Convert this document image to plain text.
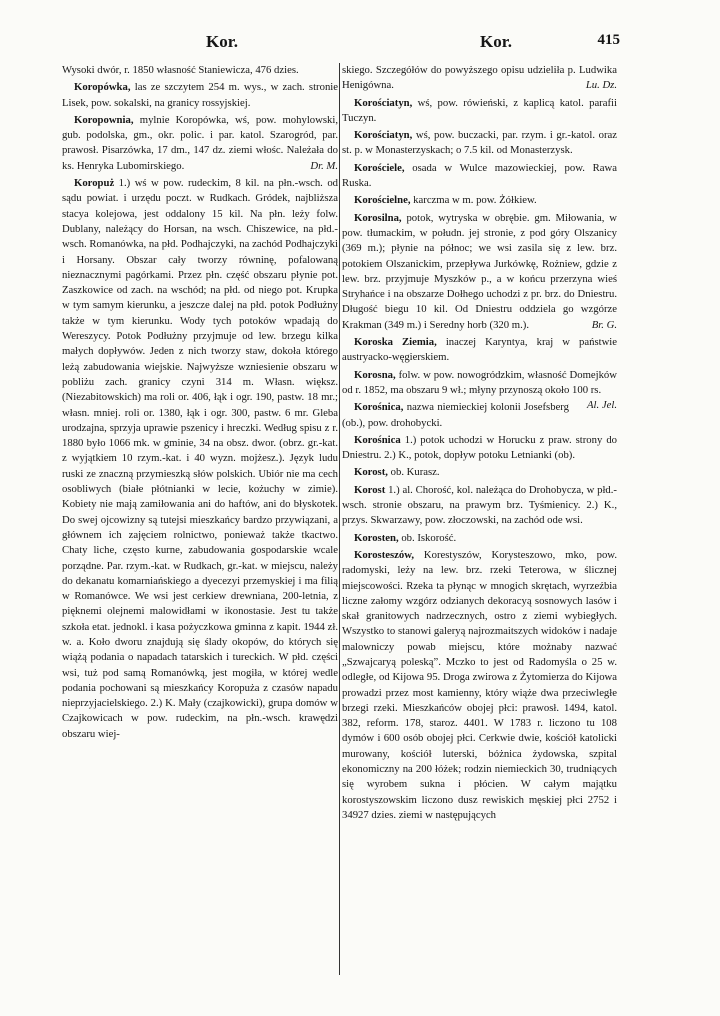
Kor.	Kor.	415

Wysoki dwór, r. 1850 własność Staniewicza, 476 dzies.

Koropówka, las ze szczytem 254 m. wys., w zach. stronie Lisek, pow. sokalski, na granicy rossyjskiej.

Koropownia, mylnie Koropówka, wś, pow. mohylowski, gub. podolska, gm., okr. polic. i par. katol. Szarogród, par. prawosł. Pisarzówka, 17 dm., 147 dz. ziemi włośc. Należała do ks. Henryka Lubomirskiego.	Dr. M.

Koropuż 1.) wś w pow. rudeckim, 8 kil. na płn.-wsch. od sądu powiat. i urzędu poczt. w Rudkach. Gródek, najbliższa stacya kolejowa, jest oddalony 15 kil. Na płn. leży folw. Dublany, należący do Horsan, na wsch. Chiszewice, na płd.-wsch. Romanówka, na płd. Podhajczyki, na zachód Podhajczyki i Horsany. Obszar cały tworzy równinę, pofalowaną nieznacznymi pagórkami. Przez płn. część obszaru płynie pot. Zaszkowice od zach. na wschód; na płd. od niego pot. Krupka w tym samym kierunku, a jeszcze dalej na płd. potok Podłużny także w tym kierunku. Wody tych potoków wpadają do Wereszycy. Potok Podłużny przyjmuje od lew. brzegu kilka małych dopływów. Jeden z nich tworzy staw, dokoła którego leżą zabudowania wiejskie. Najwyższe wzniesienie obszaru w pobliżu zach. granicy czyni 314 m. Własn. większ. (Niezabitowskich) ma roli or. 406, łąk i ogr. 190, pastw. 18 mr.; własn. mniej. roli or. 1380, łąk i ogr. 300, pastw. 6 mr. Gleba urodzajna, sprzyja uprawie pszenicy i hreczki. Według spisu z r. 1880 było 1066 mk. w gminie, 34 na obsz. dwor. (obrz. gr.-kat. z wyjątkiem 10 rzym.-kat. i 40 wyzn. mojżesz.). Język ludu ruski ze znaczną przymieszką słów polskich. Ubiór nie ma cech osobliwych (białe płótnianki w lecie, kożuchy w zimie). Kobiety nie mają zamiłowania ani do haftów, ani do błyskotek. Do swej ojcowizny są tutejsi mieszkańcy bardzo przywiązani, a głównem ich zajęciem rolnictwo, ponieważ także tkactwo. Chaty liche, często kurne, zabudowania gospodarskie wcale porządne. Par. rzym.-kat. w Rudkach, gr.-kat. w miejscu, należy do dekanatu komarniańskiego a dyecezyi przemyskiej i ma filią w Romanówce. We wsi jest cerkiew drewniana, 200-letnia, z pięknemi olejnemi malowidłami w ikonostasie. Jest tu także szkoła etat. jednokl. i kasa pożyczkowa gminna z kapit. 1944 zł. w. a. Koło dworu znajdują się ślady okopów, do których się wiążą podania o napadach tatarskich i tureckich. W płd. części wsi, tuż pod samą Romanówką, jest mogiła, w której wedle podania pochowani są mieszkańcy Koropuża z czasów napadu nieprzyjacielskiego. 2.) K. Mały (czajkowicki), grupa domów w Czajkowicach w pow. rudeckim, na płn.-wsch. krawędzi obszaru wiej-

skiego. Szczegółów do powyższego opisu udzieliła p. Ludwika Henigówna.	Lu. Dz.

Korościatyn, wś, pow. rówieński, z kaplicą katol. parafii Tuczyn.

Korościatyn, wś, pow. buczacki, par. rzym. i gr.-katol. oraz st. p. w Monasterzyskach; o 7.5 kil. od Monasterzysk.

Korościele, osada w Wulce mazowieckiej, pow. Rawa Ruska.

Korościelne, karczma w m. pow. Żółkiew.

Korosilna, potok, wytryska w obrębie. gm. Miłowania, w pow. tłumackim, w połudn. jej stronie, z pod góry Olszanicy (369 m.); płynie na północ; we wsi zasila się z lew. brz. potokiem Olszanickim, przepływa Jurkówkę, Rożniew, gdzie z lew. brz. przyjmuje Myszków p., a w końcu przerzyna wieś Stryhańce i na obszarze Dołhego uchodzi z pr. brz. do Dniestru. Długość biegu 10 kil. Od Dniestru oddziela go wzgórze Krakman (349 m.) i Seredny horb (320 m.).	Br. G.

Koroska Ziemia, inaczej Karyntya, kraj w państwie austryacko-węgierskiem.

Korosna, folw. w pow. nowogródzkim, własność Domejków od r. 1852, ma obszaru 9 wł.; młyny przynoszą około 100 rs.
Al. Jel.

Korośnica, nazwa niemieckiej kolonii Josefsberg (ob.), pow. drohobycki.

Korośnica 1.) potok uchodzi w Horucku z praw. strony do Dniestru. 2.) K., potok, dopływ potoku Letnianki (ob).

Korost, ob. Kurasz.

Korost 1.) al. Chorość, kol. należąca do Drohobycza, w płd.-wsch. stronie obszaru, na prawym brz. Tyśmienicy. 2.) K., przys. Skwarzawy, pow. złoczowski, na zachód ode wsi.

Korosten, ob. Iskorość.

Korosteszów, Korestyszów, Korysteszowo, mko, pow. radomyski, leży na lew. brz. rzeki Teterowa, w ślicznej miejscowości. Rzeka ta płynąc w mnogich skrętach, wyrzeźbia liczne załomy wzgórz odzianych dekoracyą sosnowych lasów i skał granitowych nadrzecznych, ostro z ziemi wybiegłych. Wszystko to stanowi galeryą najrozmaitszych widoków i nadaje malowniczy powab miejscu, które możnaby nazwać „Szwajcaryą poleską”. Mczko to jest od Radomyśla o 25 w. odległe, od Kijowa 95. Droga zwirowa z Żytomierza do Kijowa prowadzi przez most kamienny, który wiąże dwa przeciwległe brzegi rzeki. Mieszkańców obojej płci: prawosł. 1494, katol. 382, reform. 178, staroz. 4401. W 1783 r. liczono tu 108 dymów i 600 osób obojej płci. Cerkwie dwie, kościół katolicki murowany, kościół luterski, bóżnica żydowska, szpital ekonomiczny na 200 łóżek; rodzin niemieckich 30, trudniących się wyrobem sukna i płócien. W całym majątku korostyszowskim liczono dusz rewiskich męskiej płci 2752 i 34927 dzies. ziemi w następujących
